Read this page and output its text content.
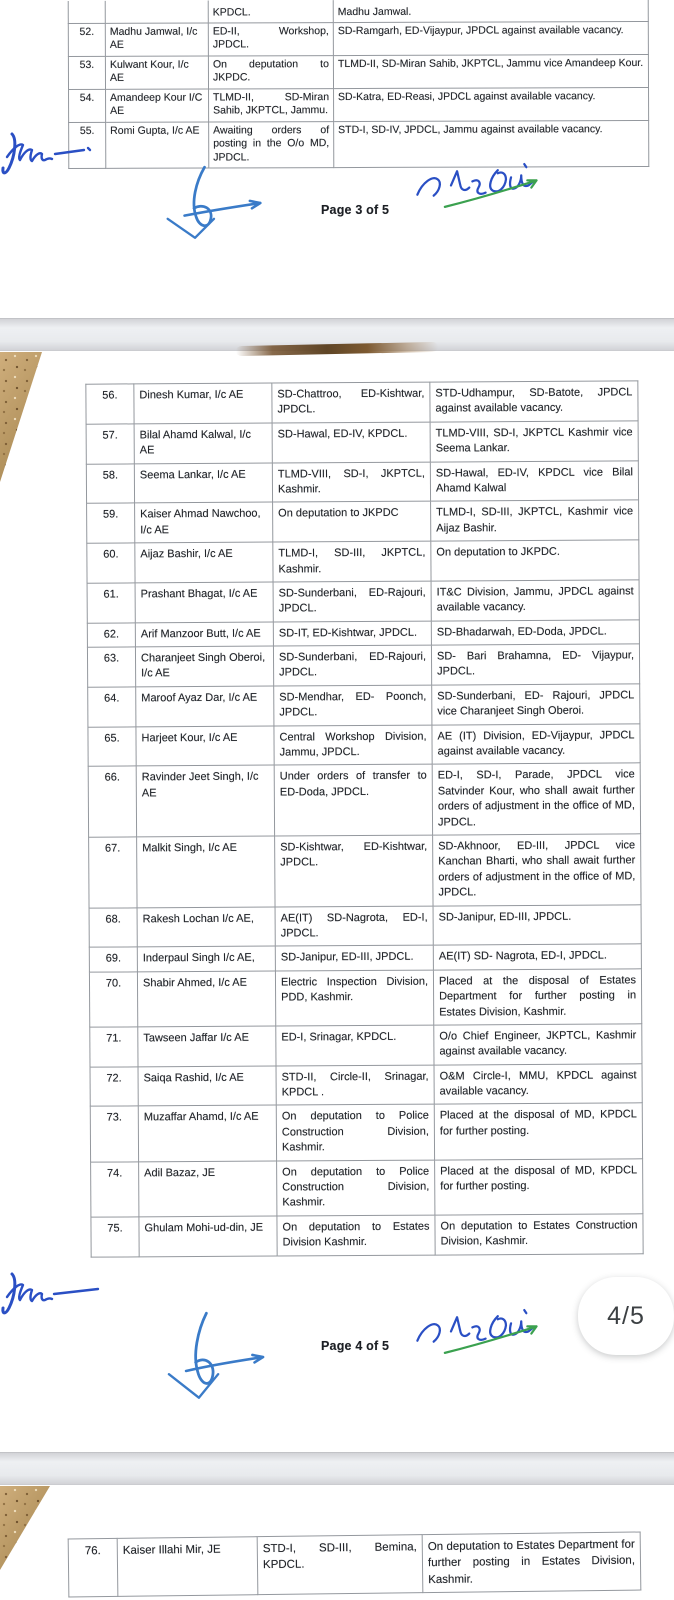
		KPDCL.	Madhu Jamwal.
52.	Madhu Jamwal, I/c AE	ED-II, Workshop, JPDCL.	SD-Ramgarh, ED-Vijaypur, JPDCL against available vacancy.
53.	Kulwant Kour, I/c AE	On deputation to JKPDC.	TLMD-II, SD-Miran Sahib, JKPTCL, Jammu vice Amandeep Kour.
54.	Amandeep Kour I/C AE	TLMD-II, SD-Miran Sahib, JKPTCL, Jammu.	SD-Katra, ED-Reasi, JPDCL against available vacancy.
55.	Romi Gupta, I/c AE	Awaiting orders of posting in the O/o MD, JPDCL.	STD-I, SD-IV, JPDCL, Jammu against available vacancy.
Page 3 of 5
56.	Dinesh Kumar, I/c AE	SD-Chattroo, ED-Kishtwar, JPDCL.	STD-Udhampur, SD-Batote, JPDCL against available vacancy.
57.	Bilal Ahamd Kalwal, I/c AE	SD-Hawal, ED-IV, KPDCL.	TLMD-VIII, SD-I, JKPTCL Kashmir vice Seema Lankar.
58.	Seema Lankar, I/c AE	TLMD-VIII, SD-I, JKPTCL, Kashmir.	SD-Hawal, ED-IV, KPDCL vice Bilal Ahamd Kalwal
59.	Kaiser Ahmad Nawchoo, I/c AE	On deputation to JKPDC	TLMD-I, SD-III, JKPTCL, Kashmir vice Aijaz Bashir.
60.	Aijaz Bashir, I/c AE	TLMD-I, SD-III, JKPTCL, Kashmir.	On deputation to JKPDC.
61.	Prashant Bhagat, I/c AE	SD-Sunderbani, ED-Rajouri, JPDCL.	IT&C Division, Jammu, JPDCL against available vacancy.
62.	Arif Manzoor Butt, I/c AE	SD-IT, ED-Kishtwar, JPDCL.	SD-Bhadarwah, ED-Doda, JPDCL.
63.	Charanjeet Singh Oberoi, I/c AE	SD-Sunderbani, ED-Rajouri, JPDCL.	SD- Bari Brahamna, ED- Vijaypur, JPDCL.
64.	Maroof Ayaz Dar, I/c AE	SD-Mendhar, ED- Poonch, JPDCL.	SD-Sunderbani, ED- Rajouri, JPDCL vice Charanjeet Singh Oberoi.
65.	Harjeet Kour, I/c AE	Central Workshop Division, Jammu, JPDCL.	AE (IT) Division, ED-Vijaypur, JPDCL against available vacancy.
66.	Ravinder Jeet Singh, I/c AE	Under orders of transfer to ED-Doda, JPDCL.	ED-I, SD-I, Parade, JPDCL vice Satvinder Kour, who shall await further orders of adjustment in the office of MD, JPDCL.
67.	Malkit Singh, I/c AE	SD-Kishtwar, ED-Kishtwar, JPDCL.	SD-Akhnoor, ED-III, JPDCL vice Kanchan Bharti, who shall await further orders of adjustment in the office of MD, JPDCL.
68.	Rakesh Lochan I/c AE,	AE(IT) SD-Nagrota, ED-I, JPDCL.	SD-Janipur, ED-III, JPDCL.
69.	Inderpaul Singh I/c AE,	SD-Janipur, ED-III, JPDCL.	AE(IT) SD- Nagrota, ED-I, JPDCL.
70.	Shabir Ahmed, I/c AE	Electric Inspection Division, PDD, Kashmir.	Placed at the disposal of Estates Department for further posting in Estates Division, Kashmir.
71.	Tawseen Jaffar I/c AE	ED-I, Srinagar, KPDCL.	O/o Chief Engineer, JKPTCL, Kashmir against available vacancy.
72.	Saiqa Rashid, I/c AE	STD-II, Circle-II, Srinagar, KPDCL .	O&M Circle-I, MMU, KPDCL against available vacancy.
73.	Muzaffar Ahamd, I/c AE	On deputation to Police Construction Division, Kashmir.	Placed at the disposal of MD, KPDCL for further posting.
74.	Adil Bazaz, JE	On deputation to Police Construction Division, Kashmir.	Placed at the disposal of MD, KPDCL for further posting.
75.	Ghulam Mohi-ud-din, JE	On deputation to Estates Division Kashmir.	On deputation to Estates Construction Division, Kashmir.
Page 4 of 5
76.	Kaiser Illahi Mir, JE	STD-I, SD-III, Bemina, KPDCL.	On deputation to Estates Department for further posting in Estates Division, Kashmir.
4/5
